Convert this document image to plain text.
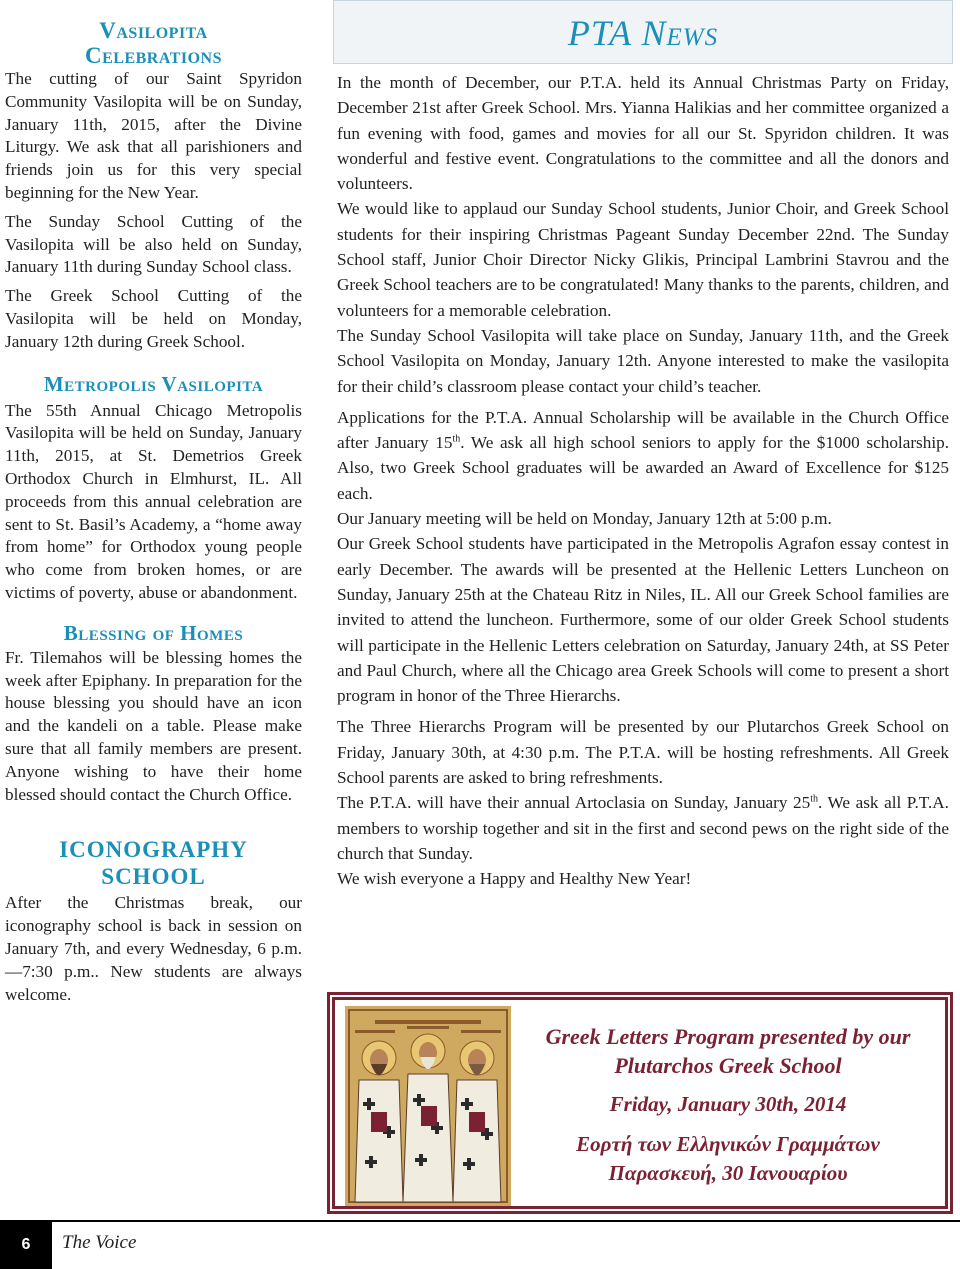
Vasilopita
Celebrations

The cutting of our Saint Spyridon Community Vasilopita will be on Sunday, January 11th, 2015, after the Divine Liturgy. We ask that all parishioners and friends join us for this very special beginning for the New Year.

The Sunday School Cutting of the Vasilopita will be also held on Sunday, January 11th during Sunday School class.

The Greek School Cutting of the Vasilopita will be held on Monday, January 12th during Greek School.

Metropolis Vasilopita

The 55th Annual Chicago Metropolis Vasilopita will be held on Sunday, January 11th, 2015, at St. Demetrios Greek Orthodox Church in Elmhurst, IL. All proceeds from this annual celebration are sent to St. Basil’s Academy, a “home away from home” for Orthodox young people who come from broken homes, or are victims of poverty, abuse or abandonment.

Blessing of Homes

Fr. Tilemahos will be blessing homes the week after Epiphany. In preparation for the house blessing you should have an icon and the kandeli on a table. Please make sure that all family members are present. Anyone wishing to have their home blessed should contact the Church Office.

ICONOGRAPHY
SCHOOL

After the Christmas break, our iconography school is back in session on January 7th, and every Wednesday, 6 p.m.—7:30 p.m.. New students are always welcome.

PTA News

In the month of December, our P.T.A. held its Annual Christmas Party on Friday, December 21st after Greek School. Mrs. Yianna Halikias and her committee organized a fun evening with food, games and movies for all our St. Spyridon children. It was wonderful and festive event. Congratulations to the committee and all the donors and volunteers.

We would like to applaud our Sunday School students, Junior Choir, and Greek School students for their inspiring Christmas Pageant Sunday December 22nd. The Sunday School staff, Junior Choir Director Nicky Glikis, Principal Lambrini Stavrou and the Greek School teachers are to be congratulated! Many thanks to the parents, children, and volunteers for a memorable celebration.

The Sunday School Vasilopita will take place on Sunday, January 11th, and the Greek School Vasilopita on Monday, January 12th. Anyone interested to make the vasilopita for their child’s classroom please contact your child’s teacher.

Applications for the P.T.A. Annual Scholarship will be available in the Church Office after January 15th. We ask all high school seniors to apply for the $1000 scholarship. Also, two Greek School graduates will be awarded an Award of Excellence for $125 each.

Our January meeting will be held on Monday, January 12th at 5:00 p.m.

Our Greek School students have participated in the Metropolis Agrafon essay contest in early December. The awards will be presented at the Hellenic Letters Luncheon on Sunday, January 25th at the Chateau Ritz in Niles, IL. All our Greek School families are invited to attend the luncheon. Furthermore, some of our older Greek School students will participate in the Hellenic Letters celebration on Saturday, January 24th, at SS Peter and Paul Church, where all the Chicago area Greek Schools will come to present a short program in honor of the Three Hierarchs.

The Three Hierarchs Program will be presented by our Plutarchos Greek School on Friday, January 30th, at 4:30 p.m. The P.T.A. will be hosting refreshments. All Greek School parents are asked to bring refreshments.

The P.T.A. will have their annual Artoclasia on Sunday, January 25th. We ask all P.T.A. members to worship together and sit in the first and second pews on the right side of the church that Sunday.

We wish everyone a Happy and Healthy New Year!

Greek Letters Program presented by our

Plutarchos Greek School

Friday, January 30th, 2014

Εορτή των Ελληνικών Γραμμάτων

Παρασκευή, 30 Ιανουαρίου

6	The Voice
